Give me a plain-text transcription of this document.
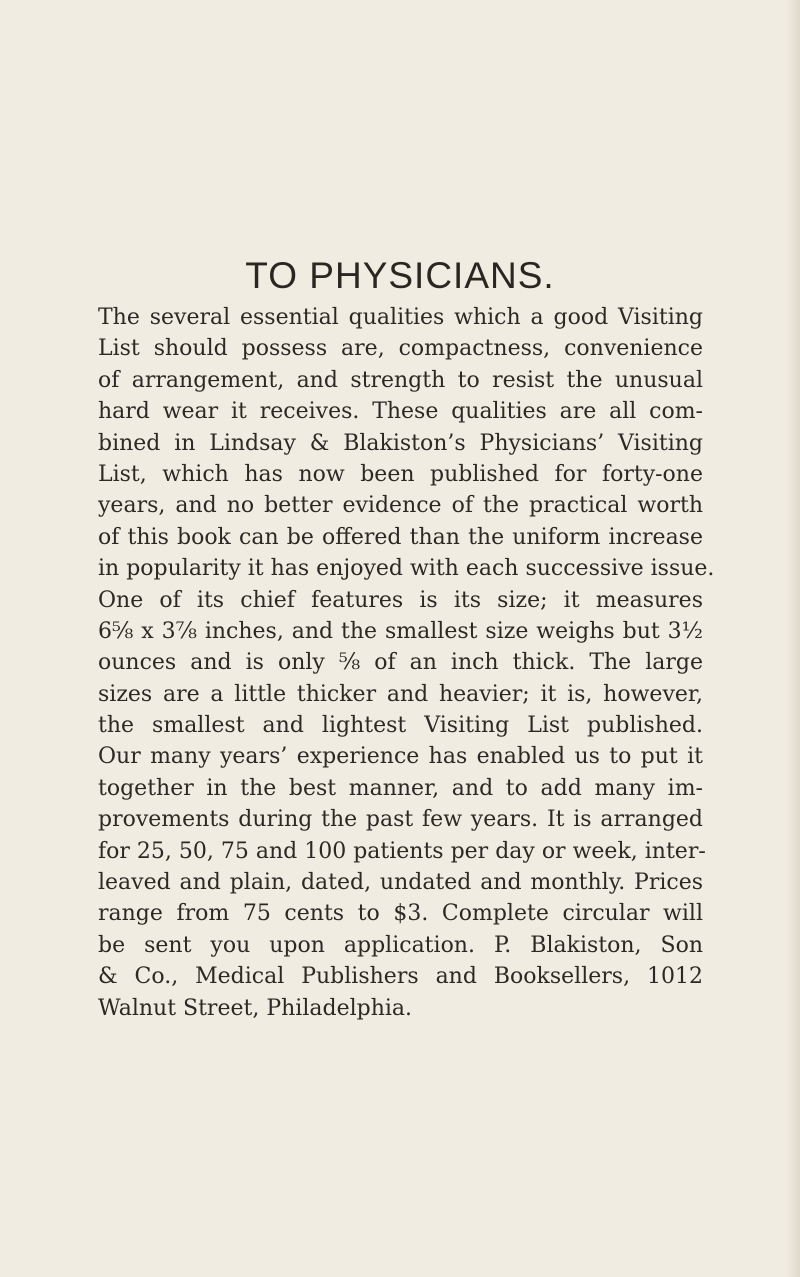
TO PHYSICIANS.
The several essential qualities which a good Visiting
List should possess are, compactness, convenience
of arrangement, and strength to resist the unusual
hard wear it receives. These qualities are all com-
bined in Lindsay & Blakiston’s Physicians’ Visiting
List, which has now been published for forty-one
years, and no better evidence of the practical worth
of this book can be offered than the uniform increase
in popularity it has enjoyed with each successive issue.
One of its chief features is its size; it measures
6⅝ x 3⅞ inches, and the smallest size weighs but 3½
ounces and is only ⅝ of an inch thick. The large
sizes are a little thicker and heavier; it is, however,
the smallest and lightest Visiting List published.
Our many years’ experience has enabled us to put it
together in the best manner, and to add many im-
provements during the past few years. It is arranged
for 25, 50, 75 and 100 patients per day or week, inter-
leaved and plain, dated, undated and monthly. Prices
range from 75 cents to $3. Complete circular will
be sent you upon application. P. Blakiston, Son
& Co., Medical Publishers and Booksellers, 1012
Walnut Street, Philadelphia.
